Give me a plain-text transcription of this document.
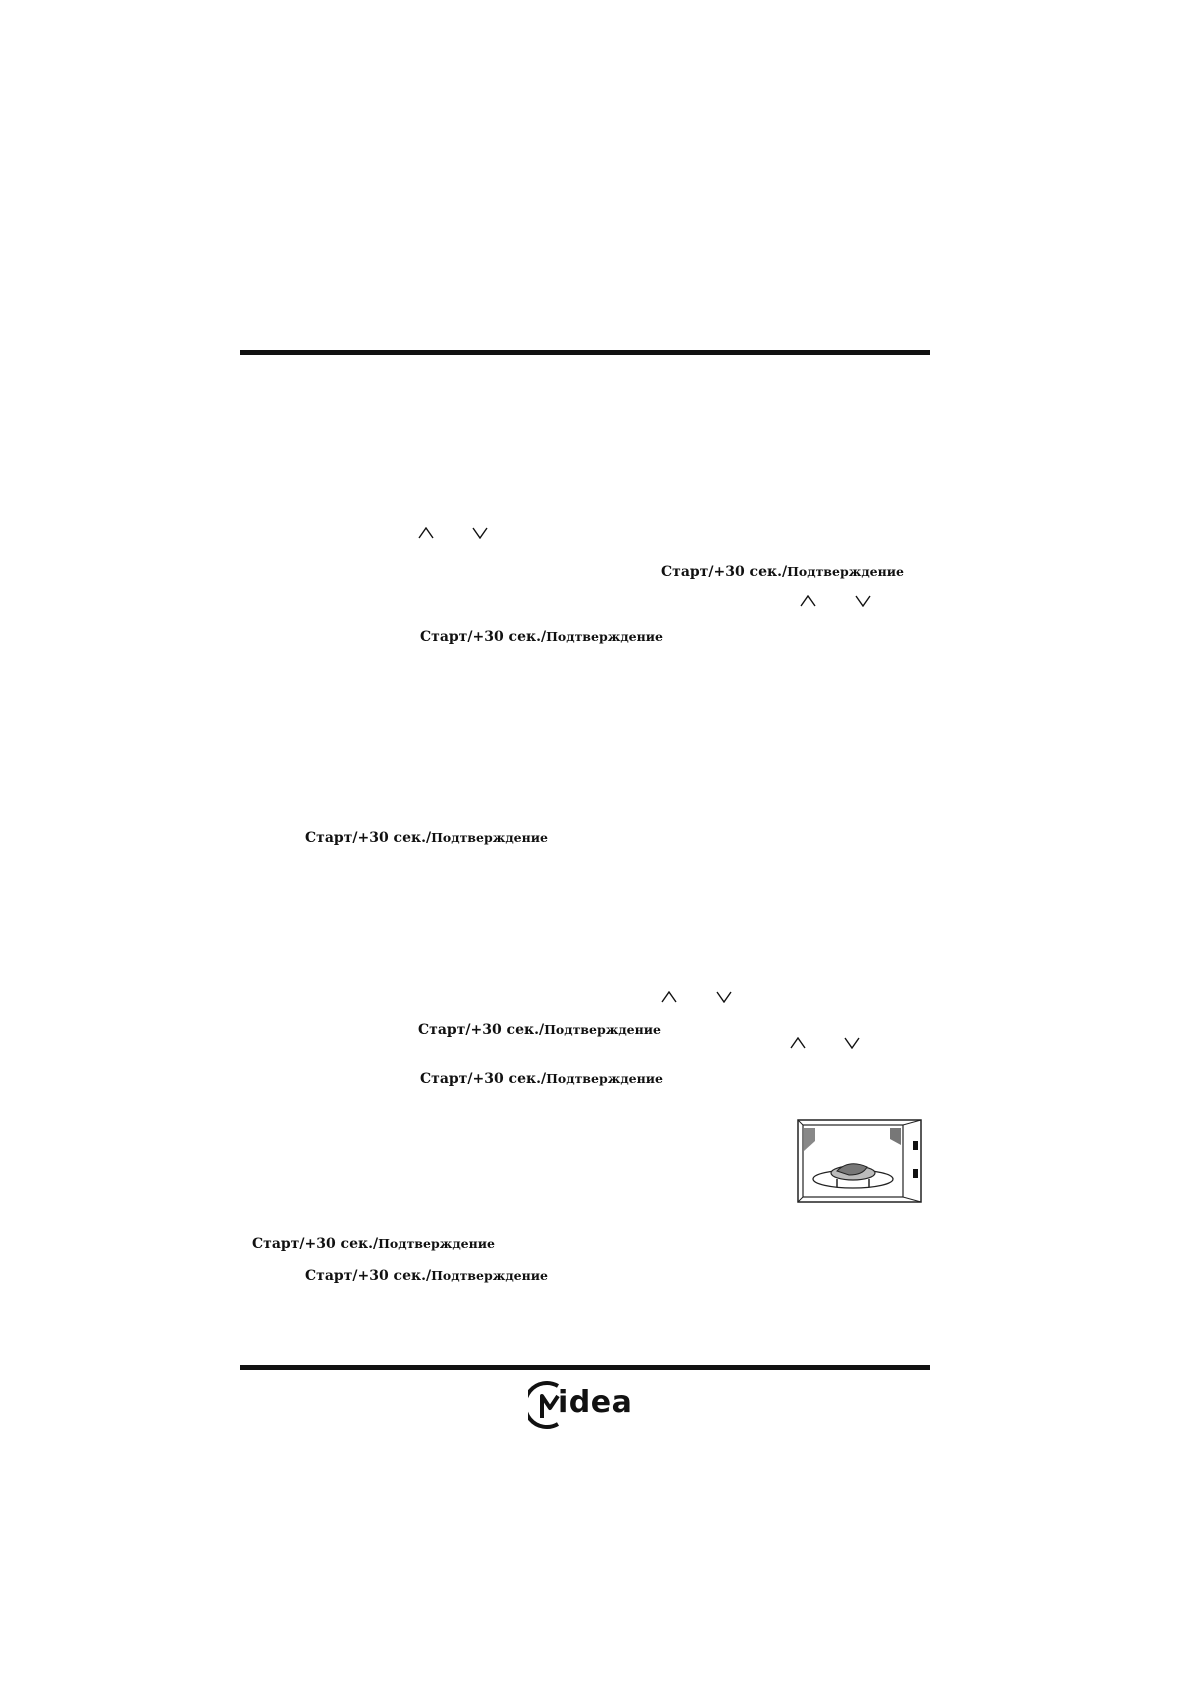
Старт/+30 сек./Подтверждение
Старт/+30 сек./Подтверждение
Старт/+30 сек./Подтверждение
Старт/+30 сек./Подтверждение
Старт/+30 сек./Подтверждение
Старт/+30 сек./Подтверждение
Старт/+30 сек./Подтверждение
idea
